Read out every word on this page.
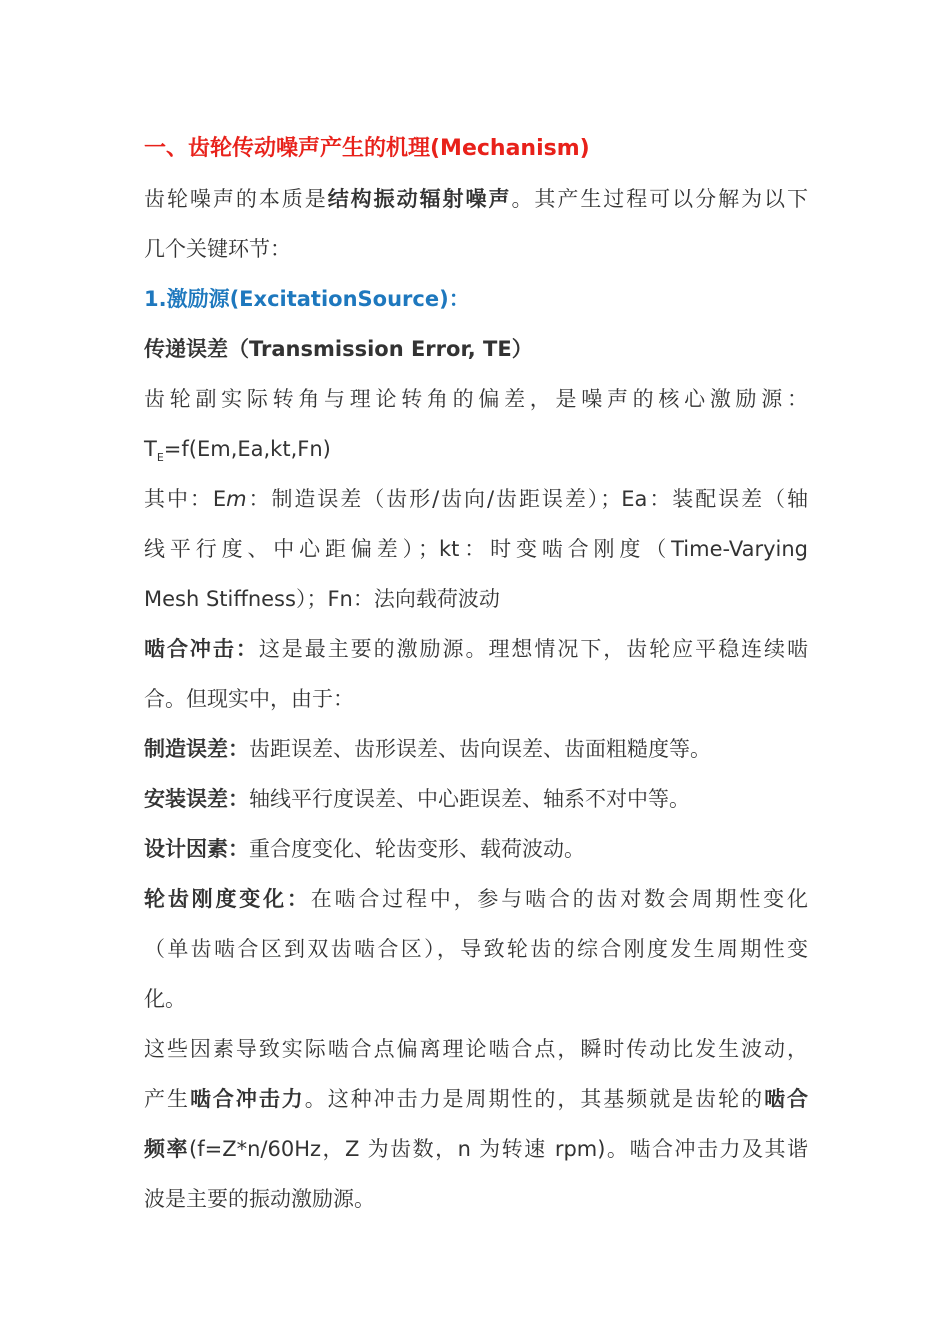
一、齿轮传动噪声产生的机理(Mechanism)
齿轮噪声的本质是结构振动辐射噪声。其产生过程可以分解为以下
几个关键环节：
1.激励源(ExcitationSource)：
传递误差（Transmission Error, TE）
齿轮副实际转角与理论转角的偏差，是噪声的核心激励源：
$T_E=f(Em,Ea,kt,Fn)$
其中：Em：制造误差（齿形/齿向/齿距误差）；Ea：装配误差（轴
线平行度、中心距偏差）；kt：时变啮合刚度（Time-Varying
Mesh Stiffness）；Fn：法向载荷波动
啮合冲击：这是最主要的激励源。理想情况下，齿轮应平稳连续啮
合。但现实中，由于：
制造误差：齿距误差、齿形误差、齿向误差、齿面粗糙度等。
安装误差：轴线平行度误差、中心距误差、轴系不对中等。
设计因素：重合度变化、轮齿变形、载荷波动。
轮齿刚度变化：在啮合过程中，参与啮合的齿对数会周期性变化
（单齿啮合区到双齿啮合区），导致轮齿的综合刚度发生周期性变
化。
这些因素导致实际啮合点偏离理论啮合点，瞬时传动比发生波动，
产生啮合冲击力。这种冲击力是周期性的，其基频就是齿轮的啮合
频率(f=Z*n/60Hz，Z 为齿数，n 为转速 rpm)。啮合冲击力及其谐
波是主要的振动激励源。
